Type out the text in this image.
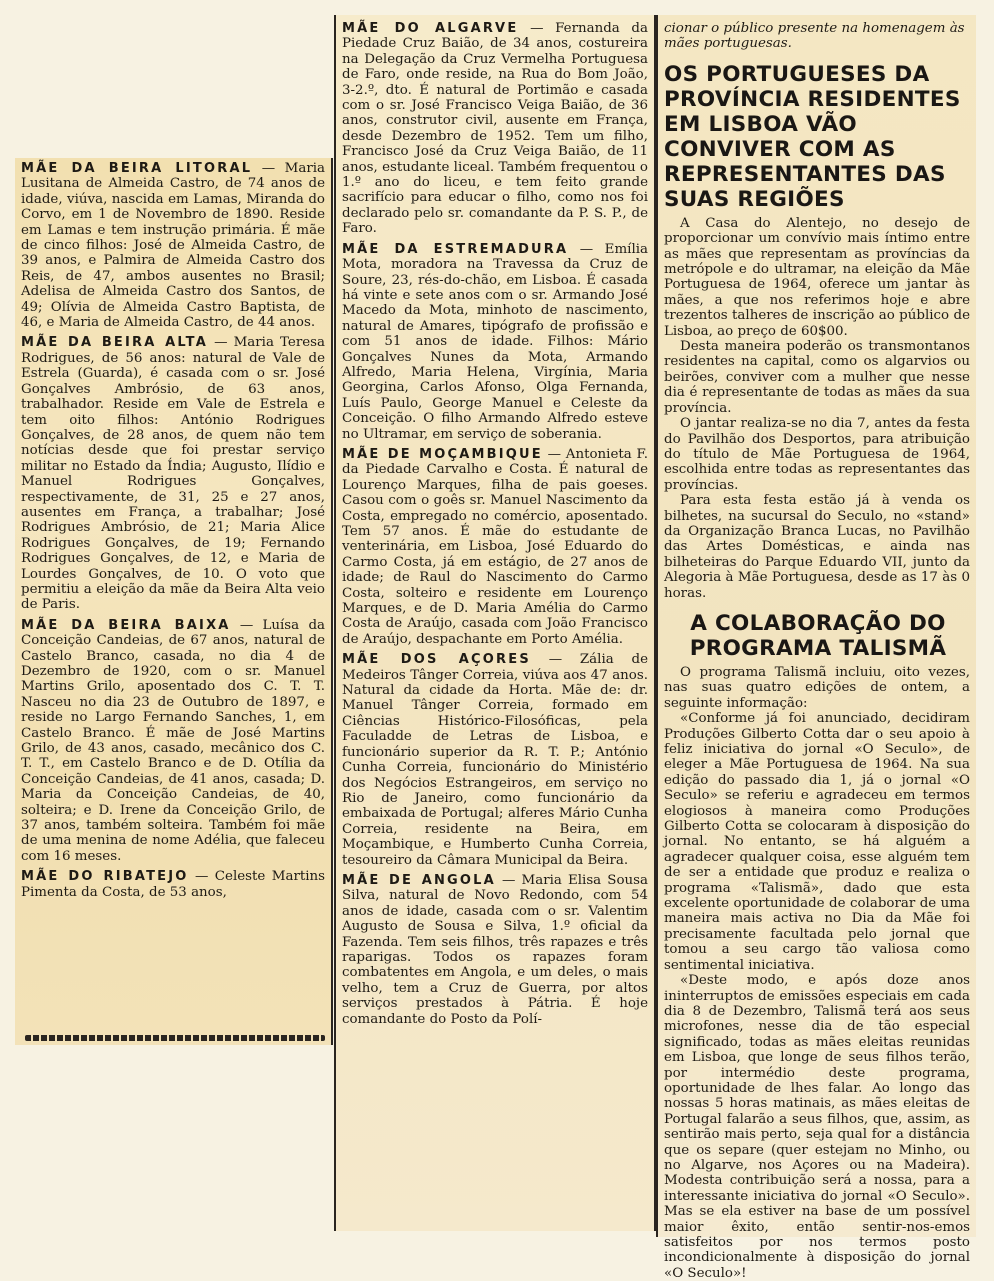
MÃE DA BEIRA LITORAL — Maria Lusitana de Almeida Castro, de 74 anos de idade, viúva, nascida em Lamas, Miranda do Corvo, em 1 de Novembro de 1890. Reside em Lamas e tem instrução primária. É mãe de cinco filhos: José de Almeida Castro, de 39 anos, e Palmira de Almeida Castro dos Reis, de 47, ambos ausentes no Brasil; Adelisa de Almeida Castro dos Santos, de 49; Olívia de Almeida Castro Baptista, de 46, e Maria de Almeida Castro, de 44 anos.
MÃE DA BEIRA ALTA — Maria Teresa Rodrigues, de 56 anos: natural de Vale de Estrela (Guarda), é casada com o sr. José Gonçalves Ambrósio, de 63 anos, trabalhador. Reside em Vale de Estrela e tem oito filhos: António Rodrigues Gonçalves, de 28 anos, de quem não tem notícias desde que foi prestar serviço militar no Estado da Índia; Augusto, Ilídio e Manuel Rodrigues Gonçalves, respectivamente, de 31, 25 e 27 anos, ausentes em França, a trabalhar; José Rodrigues Ambrósio, de 21; Maria Alice Rodrigues Gonçalves, de 19; Fernando Rodrigues Gonçalves, de 12, e Maria de Lourdes Gonçalves, de 10. O voto que permitiu a eleição da mãe da Beira Alta veio de Paris.
MÃE DA BEIRA BAIXA — Luísa da Conceição Candeias, de 67 anos, natural de Castelo Branco, casada, no dia 4 de Dezembro de 1920, com o sr. Manuel Martins Grilo, aposentado dos C. T. T. Nasceu no dia 23 de Outubro de 1897, e reside no Largo Fernando Sanches, 1, em Castelo Branco. É mãe de José Martins Grilo, de 43 anos, casado, mecânico dos C. T. T., em Castelo Branco e de D. Otília da Conceição Candeias, de 41 anos, casada; D. Maria da Conceição Candeias, de 40, solteira; e D. Irene da Conceição Grilo, de 37 anos, também solteira. Também foi mãe de uma menina de nome Adélia, que faleceu com 16 meses.
MÃE DO RIBATEJO — Celeste Martins Pimenta da Costa, de 53 anos,
MÃE DO ALGARVE — Fernanda da Piedade Cruz Baião, de 34 anos, costureira na Delegação da Cruz Vermelha Portuguesa de Faro, onde reside, na Rua do Bom João, 3-2.º, dto. É natural de Portimão e casada com o sr. José Francisco Veiga Baião, de 36 anos, construtor civil, ausente em França, desde Dezembro de 1952. Tem um filho, Francisco José da Cruz Veiga Baião, de 11 anos, estudante liceal. Também frequentou o 1.º ano do liceu, e tem feito grande sacrifício para educar o filho, como nos foi declarado pelo sr. comandante da P. S. P., de Faro.
MÃE DA ESTREMADURA — Emília Mota, moradora na Travessa da Cruz de Soure, 23, rés-do-chão, em Lisboa. É casada há vinte e sete anos com o sr. Armando José Macedo da Mota, minhoto de nascimento, natural de Amares, tipógrafo de profissão e com 51 anos de idade. Filhos: Mário Gonçalves Nunes da Mota, Armando Alfredo, Maria Helena, Virgínia, Maria Georgina, Carlos Afonso, Olga Fernanda, Luís Paulo, George Manuel e Celeste da Conceição. O filho Armando Alfredo esteve no Ultramar, em serviço de soberania.
MÃE DE MOÇAMBIQUE — Antonieta F. da Piedade Carvalho e Costa. É natural de Lourenço Marques, filha de pais goeses. Casou com o goês sr. Manuel Nascimento da Costa, empregado no comércio, aposentado. Tem 57 anos. É mãe do estudante de venterinária, em Lisboa, José Eduardo do Carmo Costa, já em estágio, de 27 anos de idade; de Raul do Nascimento do Carmo Costa, solteiro e residente em Lourenço Marques, e de D. Maria Amélia do Carmo Costa de Araújo, casada com João Francisco de Araújo, despachante em Porto Amélia.
MÃE DOS AÇORES — Zália de Medeiros Tânger Correia, viúva aos 47 anos. Natural da cidade da Horta. Mãe de: dr. Manuel Tânger Correia, formado em Ciências Histórico-Filosóficas, pela Faculadde de Letras de Lisboa, e funcionário superior da R. T. P.; António Cunha Correia, funcionário do Ministério dos Negócios Estrangeiros, em serviço no Rio de Janeiro, como funcionário da embaixada de Portugal; alferes Mário Cunha Correia, residente na Beira, em Moçambique, e Humberto Cunha Correia, tesoureiro da Câmara Municipal da Beira.
MÃE DE ANGOLA — Maria Elisa Sousa Silva, natural de Novo Redondo, com 54 anos de idade, casada com o sr. Valentim Augusto de Sousa e Silva, 1.º oficial da Fazenda. Tem seis filhos, três rapazes e três raparigas. Todos os rapazes foram combatentes em Angola, e um deles, o mais velho, tem a Cruz de Guerra, por altos serviços prestados à Pátria. É hoje comandante do Posto da Polí-

cionar o público presente na homenagem às mães portuguesas.

OS PORTUGUESES DA PROVÍNCIA RESIDENTES EM LISBOA VÃO CONVIVER COM AS REPRESENTANTES DAS SUAS REGIÕES

A Casa do Alentejo, no desejo de proporcionar um convívio mais íntimo entre as mães que representam as províncias da metrópole e do ultramar, na eleição da Mãe Portuguesa de 1964, oferece um jantar às mães, a que nos referimos hoje e abre trezentos talheres de inscrição ao público de Lisboa, ao preço de 60$00.

Desta maneira poderão os transmontanos residentes na capital, como os algarvios ou beirões, conviver com a mulher que nesse dia é representante de todas as mães da sua província.

O jantar realiza-se no dia 7, antes da festa do Pavilhão dos Desportos, para atribuição do título de Mãe Portuguesa de 1964, escolhida entre todas as representantes das províncias.

Para esta festa estão já à venda os bilhetes, na sucursal do Seculo, no «stand» da Organização Branca Lucas, no Pavilhão das Artes Domésticas, e ainda nas bilheteiras do Parque Eduardo VII, junto da Alegoria à Mãe Portuguesa, desde as 17 às 0 horas.

A COLABORAÇÃO DO PROGRAMA TALISMÃ

O programa Talismã incluiu, oito vezes, nas suas quatro edições de ontem, a seguinte informação:

«Conforme já foi anunciado, decidiram Produções Gilberto Cotta dar o seu apoio à feliz iniciativa do jornal «O Seculo», de eleger a Mãe Portuguesa de 1964. Na sua edição do passado dia 1, já o jornal «O Seculo» se referiu e agradeceu em termos elogiosos à maneira como Produções Gilberto Cotta se colocaram à disposição do jornal. No entanto, se há alguém a agradecer qualquer coisa, esse alguém tem de ser a entidade que produz e realiza o programa «Talismã», dado que esta excelente oportunidade de colaborar de uma maneira mais activa no Dia da Mãe foi precisamente facultada pelo jornal que tomou a seu cargo tão valiosa como sentimental iniciativa.

«Deste modo, e após doze anos ininterruptos de emissões especiais em cada dia 8 de Dezembro, Talismã terá aos seus microfones, nesse dia de tão especial significado, todas as mães eleitas reunidas em Lisboa, que longe de seus filhos terão, por intermédio deste programa, oportunidade de lhes falar. Ao longo das nossas 5 horas matinais, as mães eleitas de Portugal falarão a seus filhos, que, assim, as sentirão mais perto, seja qual for a distância que os separe (quer estejam no Minho, ou no Algarve, nos Açores ou na Madeira). Modesta contribuição será a nossa, para a interessante iniciativa do jornal «O Seculo». Mas se ela estiver na base de um possível maior êxito, então sentir-nos-emos satisfeitos por nos termos posto incondicionalmente à disposição do jornal «O Seculo»!
